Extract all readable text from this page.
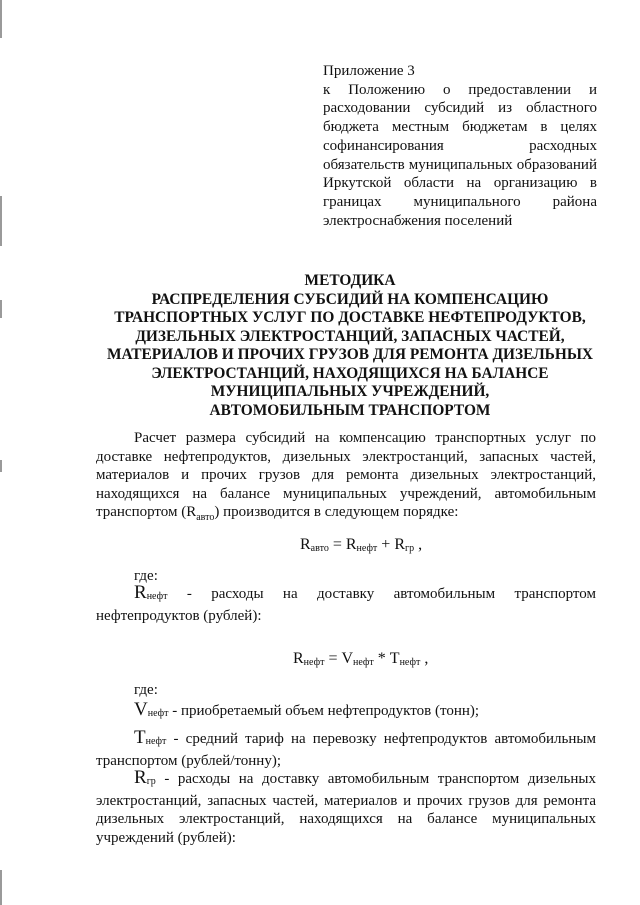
Приложение 3
к Положению о предоставлении и расходовании субсидий из областного бюджета местным бюджетам в целях софинансирования расходных обязательств муниципальных образований Иркутской области на организацию в границах муниципального района электроснабжения поселений
МЕТОДИКА
РАСПРЕДЕЛЕНИЯ СУБСИДИЙ НА КОМПЕНСАЦИЮ
ТРАНСПОРТНЫХ УСЛУГ ПО ДОСТАВКЕ НЕФТЕПРОДУКТОВ,
ДИЗЕЛЬНЫХ ЭЛЕКТРОСТАНЦИЙ, ЗАПАСНЫХ ЧАСТЕЙ,
МАТЕРИАЛОВ И ПРОЧИХ ГРУЗОВ ДЛЯ РЕМОНТА ДИЗЕЛЬНЫХ
ЭЛЕКТРОСТАНЦИЙ, НАХОДЯЩИХСЯ НА БАЛАНСЕ
МУНИЦИПАЛЬНЫХ УЧРЕЖДЕНИЙ,
АВТОМОБИЛЬНЫМ ТРАНСПОРТОМ
Расчет размера субсидий на компенсацию транспортных услуг по доставке нефтепродуктов, дизельных электростанций, запасных частей, материалов и прочих грузов для ремонта дизельных электростанций, находящихся на балансе муниципальных учреждений, автомобильным транспортом $(R_{авто})$ производится в следующем порядке:
$R_{авто} = R_{нефт} + R_{гр}$ ,
где:
$R_{нефт}$ - расходы на доставку автомобильным транспортом нефтепродуктов (рублей):
$R_{нефт} = V_{нефт} * T_{нефт}$ ,
где:
$V_{нефт}$ - приобретаемый объем нефтепродуктов (тонн);
$T_{нефт}$ - средний тариф на перевозку нефтепродуктов автомобильным транспортом (рублей/тонну);
$R_{гр}$ - расходы на доставку автомобильным транспортом дизельных электростанций, запасных частей, материалов и прочих грузов для ремонта дизельных электростанций, находящихся на балансе муниципальных учреждений (рублей):
